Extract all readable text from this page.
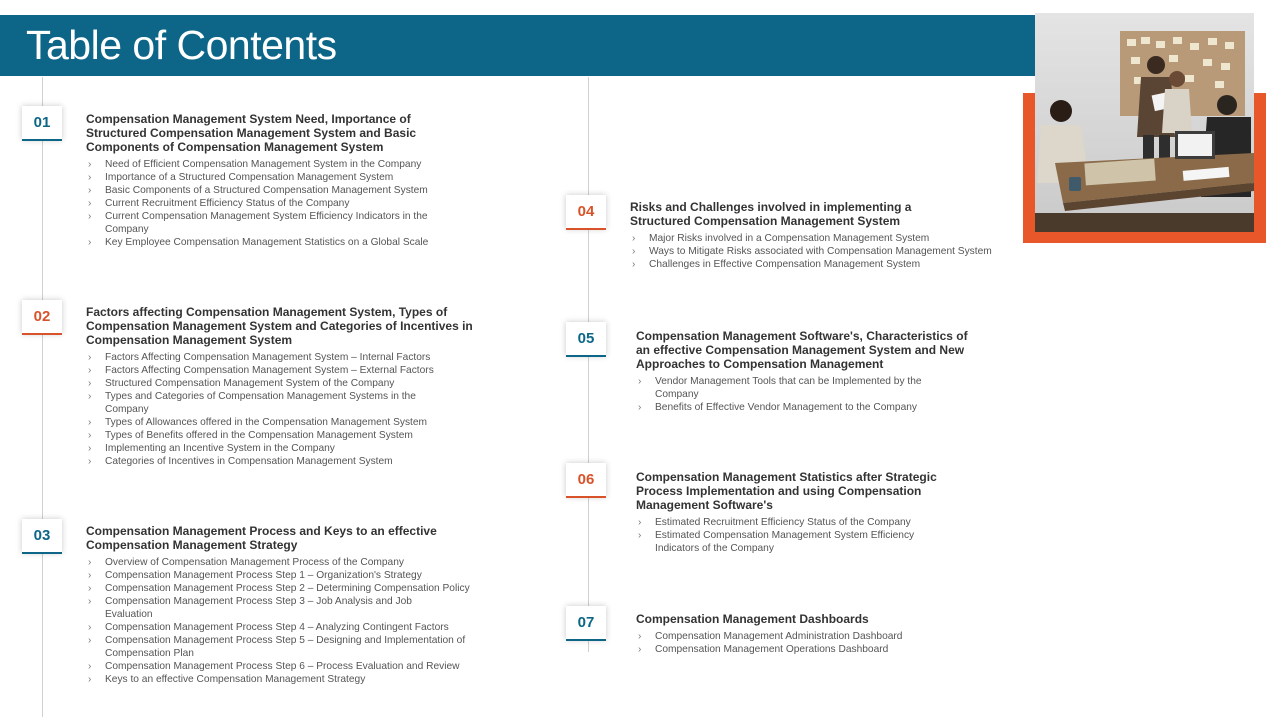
Table of Contents
01
02
03
04
05
06
07
Compensation Management System Need, Importance of Structured Compensation Management System and Basic Components of Compensation Management System
› Need of Efficient Compensation Management System in the Company
› Importance of a Structured Compensation Management System
› Basic Components of a Structured Compensation Management System
› Current Recruitment Efficiency Status of the Company
› Current Compensation Management System Efficiency Indicators in the Company
› Key Employee Compensation Management Statistics on a Global Scale
Factors affecting Compensation Management System, Types of Compensation Management System and Categories of Incentives in Compensation Management System
› Factors Affecting Compensation Management System – Internal Factors
› Factors Affecting Compensation Management System – External Factors
› Structured Compensation Management System of the Company
› Types and Categories of Compensation Management Systems in the Company
› Types of Allowances offered in the Compensation Management System
› Types of Benefits offered in the Compensation Management System
› Implementing an Incentive System in the Company
› Categories of Incentives in Compensation Management System
Compensation Management Process and Keys to an effective Compensation Management Strategy
› Overview of Compensation Management Process of the Company
› Compensation Management Process Step 1 – Organization's Strategy
› Compensation Management Process Step 2 – Determining Compensation Policy
› Compensation Management Process Step 3 – Job Analysis and Job Evaluation
› Compensation Management Process Step 4 – Analyzing Contingent Factors
› Compensation Management Process Step 5 – Designing and Implementation of Compensation Plan
› Compensation Management Process Step 6 – Process Evaluation and Review
› Keys to an effective Compensation Management Strategy
Risks and Challenges involved in implementing a Structured Compensation Management System
› Major Risks involved in a Compensation Management System
› Ways to Mitigate Risks associated with Compensation Management System
› Challenges in Effective Compensation Management System
Compensation Management Software's, Characteristics of an effective Compensation Management System and New Approaches to Compensation Management
› Vendor Management Tools that can be Implemented by the Company
› Benefits of Effective Vendor Management to the Company
Compensation Management Statistics after Strategic Process Implementation and using Compensation Management Software's
› Estimated Recruitment Efficiency Status of the Company
› Estimated Compensation Management System Efficiency Indicators of the Company
Compensation Management Dashboards
› Compensation Management Administration Dashboard
› Compensation Management Operations Dashboard
